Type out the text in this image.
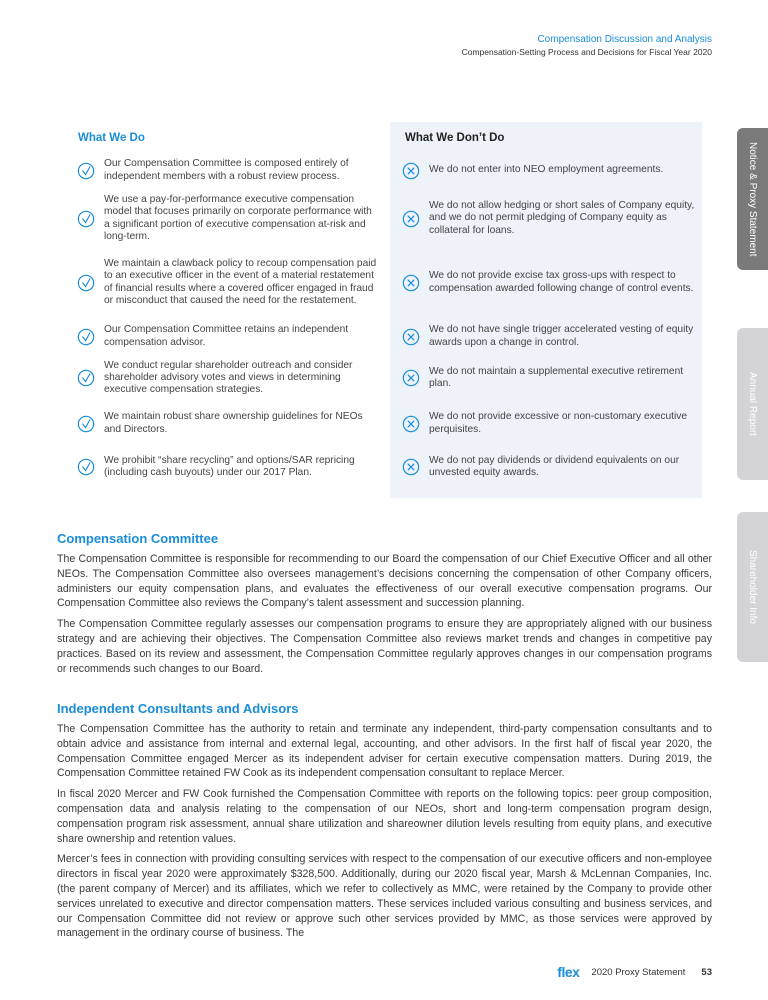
Compensation Discussion and Analysis
Compensation-Setting Process and Decisions for Fiscal Year 2020
What We Do	What We Don’t Do
Our Compensation Committee is composed entirely of independent members with a robust review process.
We use a pay-for-performance executive compensation model that focuses primarily on corporate performance with a significant portion of executive compensation at-risk and long-term.
We maintain a clawback policy to recoup compensation paid to an executive officer in the event of a material restatement of financial results where a covered officer engaged in fraud or misconduct that caused the need for the restatement.
Our Compensation Committee retains an independent compensation advisor.
We conduct regular shareholder outreach and consider shareholder advisory votes and views in determining executive compensation strategies.
We maintain robust share ownership guidelines for NEOs and Directors.
We prohibit “share recycling” and options/SAR repricing (including cash buyouts) under our 2017 Plan.
We do not enter into NEO employment agreements.
We do not allow hedging or short sales of Company equity, and we do not permit pledging of Company equity as collateral for loans.
We do not provide excise tax gross-ups with respect to compensation awarded following change of control events.
We do not have single trigger accelerated vesting of equity awards upon a change in control.
We do not maintain a supplemental executive retirement plan.
We do not provide excessive or non-customary executive perquisites.
We do not pay dividends or dividend equivalents on our unvested equity awards.
Compensation Committee

The Compensation Committee is responsible for recommending to our Board the compensation of our Chief Executive Officer and all other NEOs. The Compensation Committee also oversees management’s decisions concerning the compensation of other Company officers, administers our equity compensation plans, and evaluates the effectiveness of our overall executive compensation programs. Our Compensation Committee also reviews the Company’s talent assessment and succession planning.

The Compensation Committee regularly assesses our compensation programs to ensure they are appropriately aligned with our business strategy and are achieving their objectives. The Compensation Committee also reviews market trends and changes in competitive pay practices. Based on its review and assessment, the Compensation Committee regularly approves changes in our compensation programs or recommends such changes to our Board.

Independent Consultants and Advisors

The Compensation Committee has the authority to retain and terminate any independent, third-party compensation consultants and to obtain advice and assistance from internal and external legal, accounting, and other advisors. In the first half of fiscal year 2020, the Compensation Committee engaged Mercer as its independent adviser for certain executive compensation matters. During 2019, the Compensation Committee retained FW Cook as its independent compensation consultant to replace Mercer.

In fiscal 2020 Mercer and FW Cook furnished the Compensation Committee with reports on the following topics: peer group composition, compensation data and analysis relating to the compensation of our NEOs, short and long-term compensation program design, compensation program risk assessment, annual share utilization and shareowner dilution levels resulting from equity plans, and executive share ownership and retention values.

Mercer’s fees in connection with providing consulting services with respect to the compensation of our executive officers and non-employee directors in fiscal year 2020 were approximately $328,500. Additionally, during our 2020 fiscal year, Marsh & McLennan Companies, Inc. (the parent company of Mercer) and its affiliates, which we refer to collectively as MMC, were retained by the Company to provide other services unrelated to executive and director compensation matters. These services included various consulting and business services, and our Compensation Committee did not review or approve such other services provided by MMC, as those services were approved by management in the ordinary course of business. The

Notice & Proxy Statement
Annual Report
Shareholder Info
flex 2020 Proxy Statement 53
